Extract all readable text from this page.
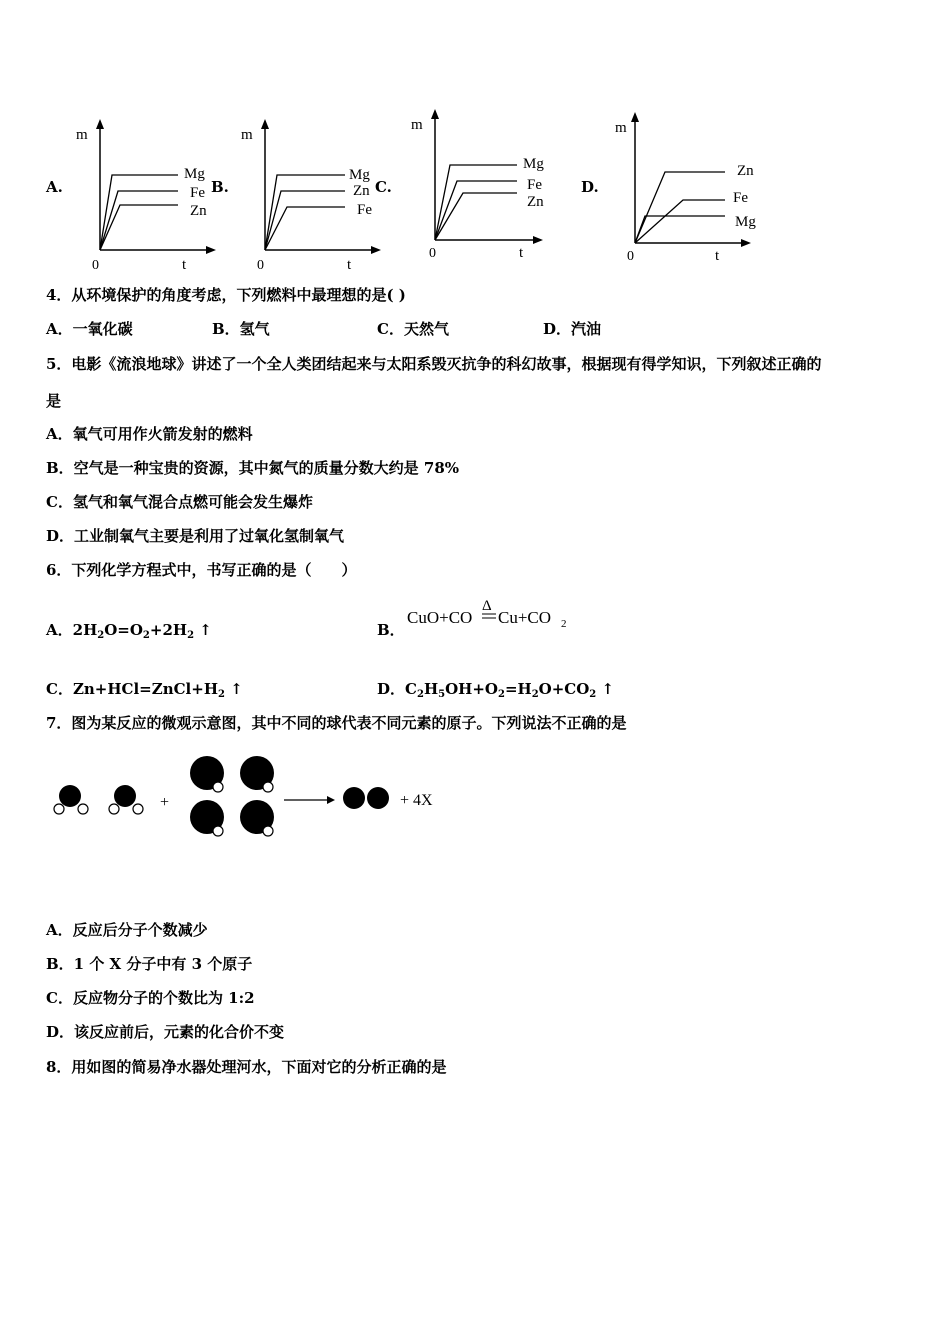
A.
m
t
0
Mg
Fe
Zn
B.
m
t
0
Mg
Zn
Fe
C.
m
t
0
Mg
Fe
Zn
D.
m
t
0
Zn
Fe
Mg
4．从环境保护的角度考虑，下列燃料中最理想的是( )
A．一氧化碳	B．氢气	C．天然气	D．汽油
5．电影《流浪地球》讲述了一个全人类团结起来与太阳系毁灭抗争的科幻故事，根据现有得学知识，下列叙述正确的
是
A．氧气可用作火箭发射的燃料
B．空气是一种宝贵的资源，其中氮气的质量分数大约是 78%
C．氢气和氧气混合点燃可能会发生爆炸
D．工业制氧气主要是利用了过氧化氢制氧气
6．下列化学方程式中，书写正确的是（　　）
A．$2H_2O=O_2+2H_2$ ↑	B．
CuO+CO
Δ
Cu+CO 2
C．$Zn+HCl=ZnCl+H_2$ ↑	D．$C_2H_5OH+O_2=H_2O+CO_2$ ↑
7．图为某反应的微观示意图，其中不同的球代表不同元素的原子。下列说法不正确的是
+	+ 4X
A．反应后分子个数减少
B．1 个 X 分子中有 3 个原子
C．反应物分子的个数比为 1:2
D．该反应前后，元素的化合价不变
8．用如图的简易净水器处理河水，下面对它的分析正确的是
